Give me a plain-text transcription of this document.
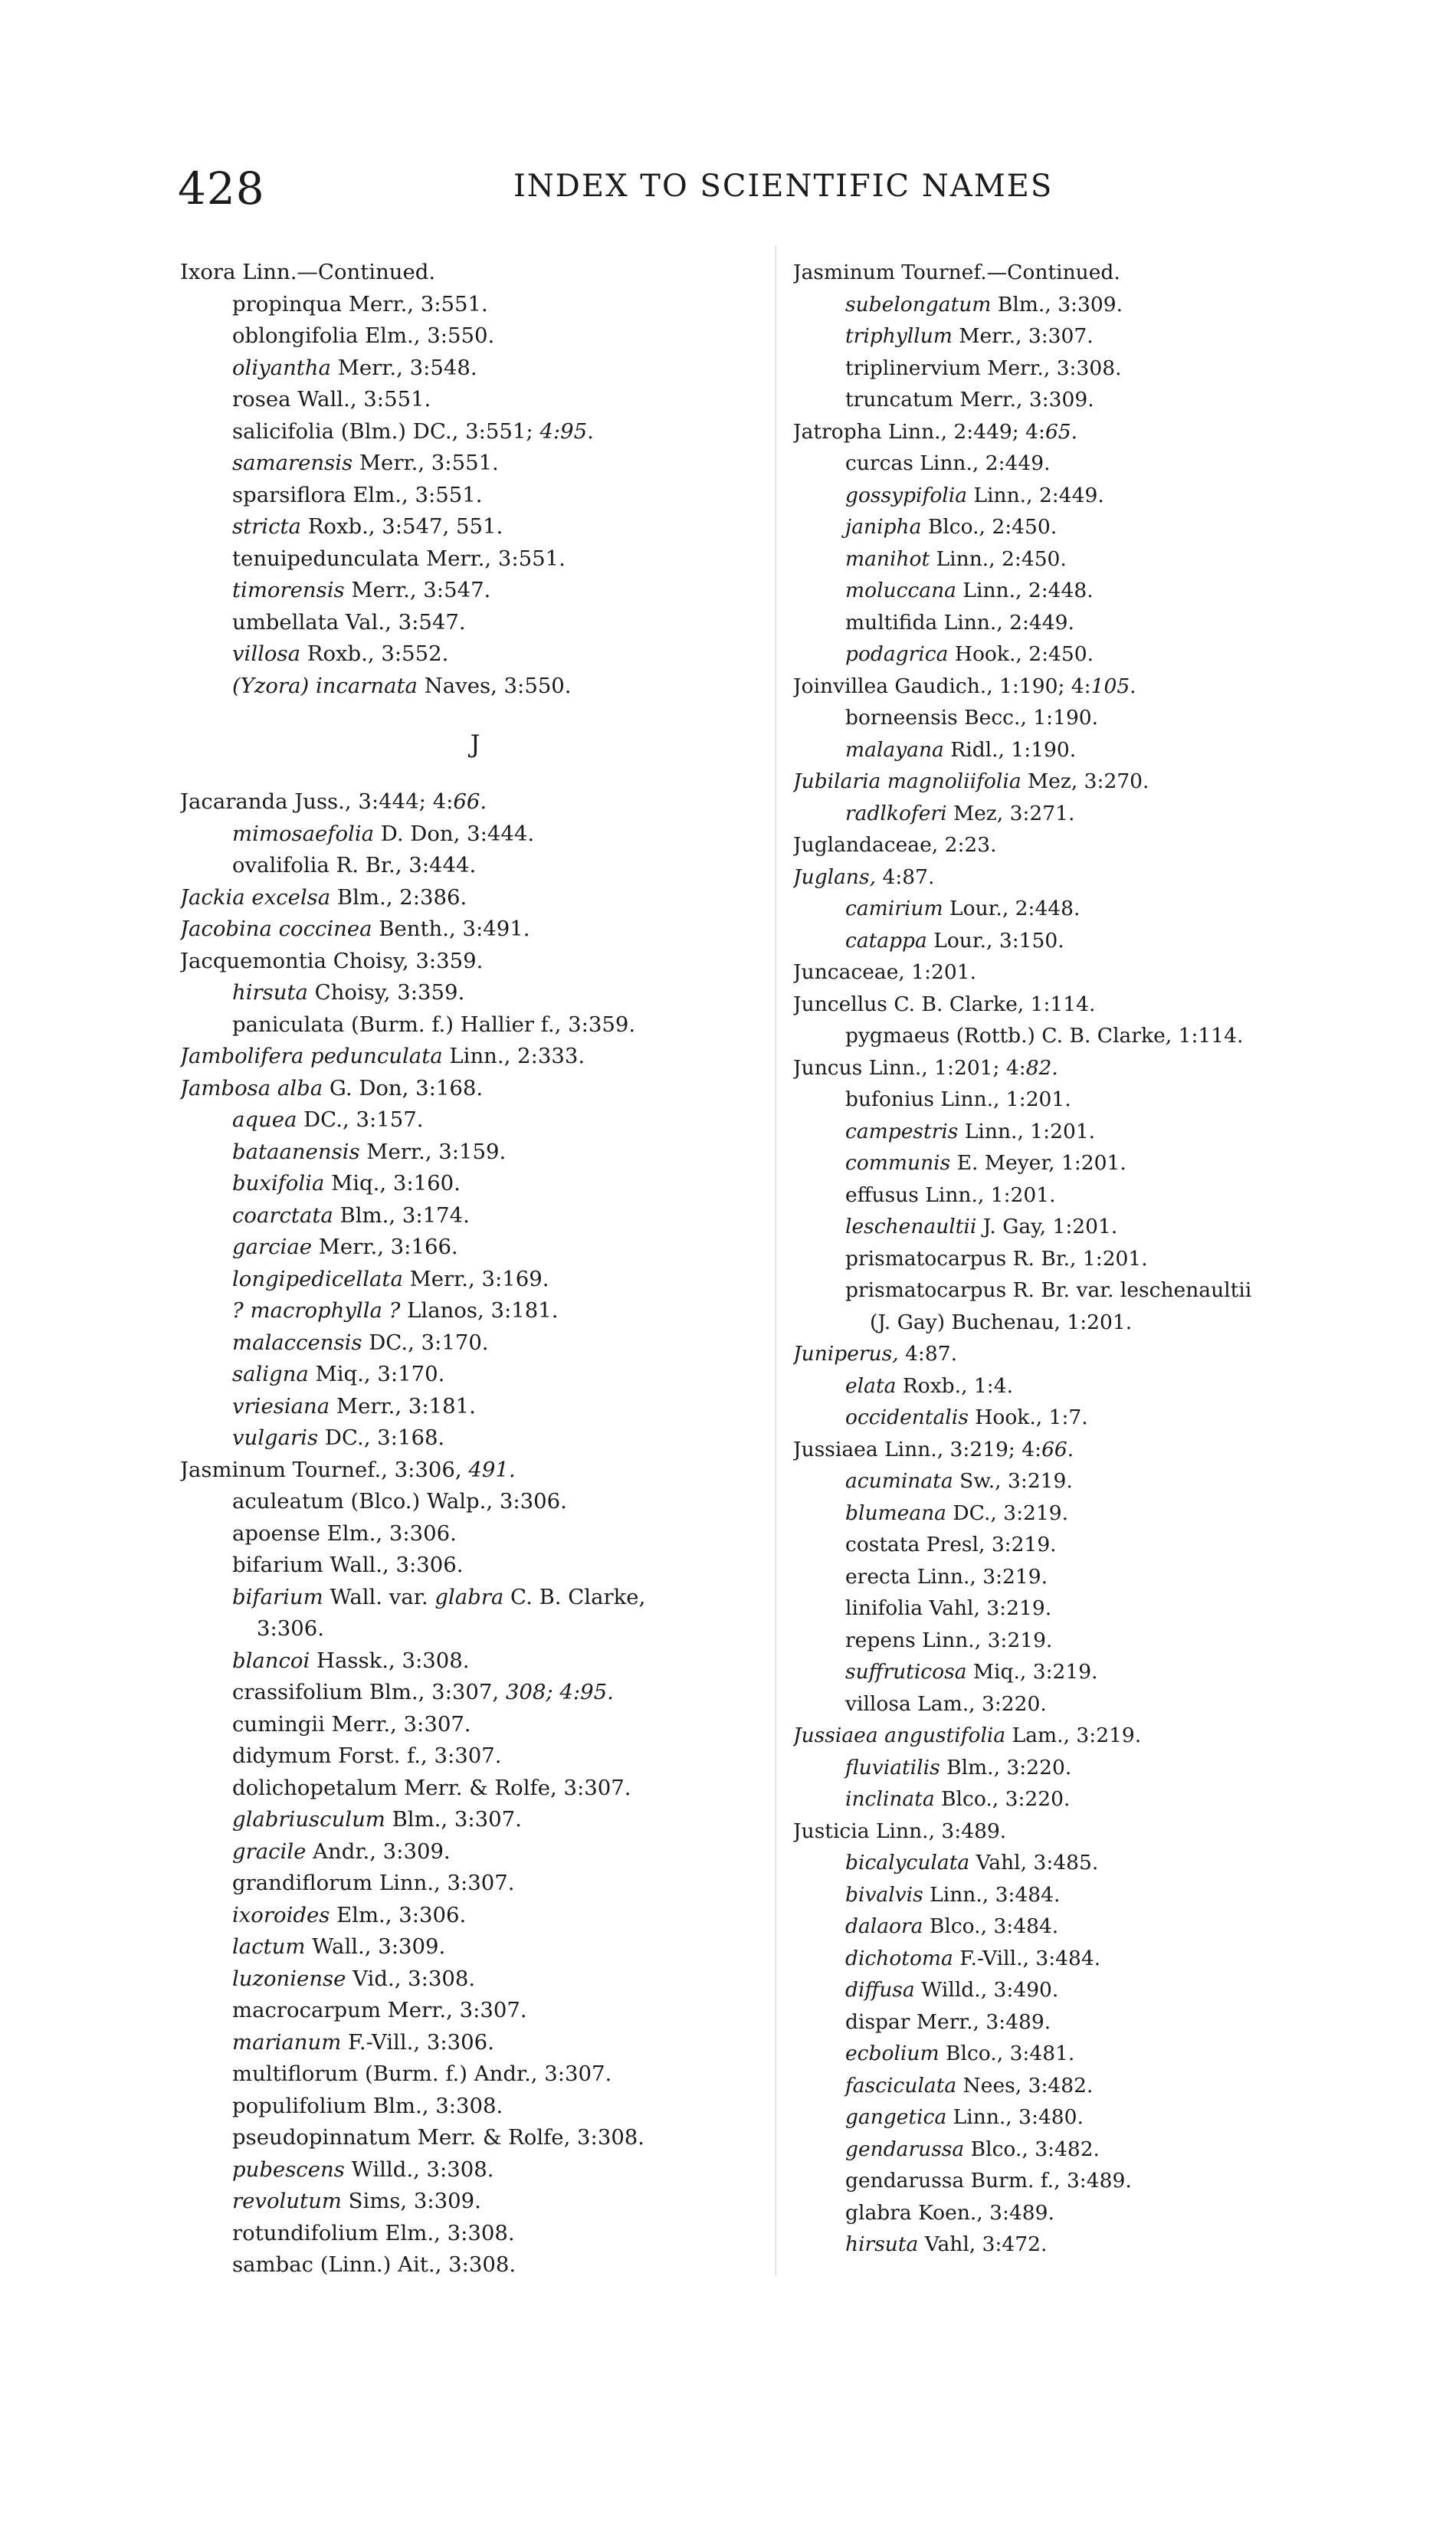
428	INDEX TO SCIENTIFIC NAMES
Ixora Linn.—Continued.
propinqua Merr., 3:551.
oblongifolia Elm., 3:550.
oliyantha Merr., 3:548.
rosea Wall., 3:551.
salicifolia (Blm.) DC., 3:551; 4:95.
samarensis Merr., 3:551.
sparsiflora Elm., 3:551.
stricta Roxb., 3:547, 551.
tenuipedunculata Merr., 3:551.
timorensis Merr., 3:547.
umbellata Val., 3:547.
villosa Roxb., 3:552.
(Yzora) incarnata Naves, 3:550.
J
Jacaranda Juss., 3:444; 4:66.
mimosaefolia D. Don, 3:444.
ovalifolia R. Br., 3:444.
Jackia excelsa Blm., 2:386.
Jacobina coccinea Benth., 3:491.
Jacquemontia Choisy, 3:359.
hirsuta Choisy, 3:359.
paniculata (Burm. f.) Hallier f., 3:359.
Jambolifera pedunculata Linn., 2:333.
Jambosa alba G. Don, 3:168.
aquea DC., 3:157.
bataanensis Merr., 3:159.
buxifolia Miq., 3:160.
coarctata Blm., 3:174.
garciae Merr., 3:166.
longipedicellata Merr., 3:169.
? macrophylla ? Llanos, 3:181.
malaccensis DC., 3:170.
saligna Miq., 3:170.
vriesiana Merr., 3:181.
vulgaris DC., 3:168.
Jasminum Tournef., 3:306, 491.
aculeatum (Blco.) Walp., 3:306.
apoense Elm., 3:306.
bifarium Wall., 3:306.
bifarium Wall. var. glabra C. B. Clarke,
3:306.
blancoi Hassk., 3:308.
crassifolium Blm., 3:307, 308; 4:95.
cumingii Merr., 3:307.
didymum Forst. f., 3:307.
dolichopetalum Merr. & Rolfe, 3:307.
glabriusculum Blm., 3:307.
gracile Andr., 3:309.
grandiflorum Linn., 3:307.
ixoroides Elm., 3:306.
lactum Wall., 3:309.
luzoniense Vid., 3:308.
macrocarpum Merr., 3:307.
marianum F.-Vill., 3:306.
multiflorum (Burm. f.) Andr., 3:307.
populifolium Blm., 3:308.
pseudopinnatum Merr. & Rolfe, 3:308.
pubescens Willd., 3:308.
revolutum Sims, 3:309.
rotundifolium Elm., 3:308.
sambac (Linn.) Ait., 3:308.
Jasminum Tournef.—Continued.
subelongatum Blm., 3:309.
triphyllum Merr., 3:307.
triplinervium Merr., 3:308.
truncatum Merr., 3:309.
Jatropha Linn., 2:449; 4:65.
curcas Linn., 2:449.
gossypifolia Linn., 2:449.
janipha Blco., 2:450.
manihot Linn., 2:450.
moluccana Linn., 2:448.
multifida Linn., 2:449.
podagrica Hook., 2:450.
Joinvillea Gaudich., 1:190; 4:105.
borneensis Becc., 1:190.
malayana Ridl., 1:190.
Jubilaria magnoliifolia Mez, 3:270.
radlkoferi Mez, 3:271.
Juglandaceae, 2:23.
Juglans, 4:87.
camirium Lour., 2:448.
catappa Lour., 3:150.
Juncaceae, 1:201.
Juncellus C. B. Clarke, 1:114.
pygmaeus (Rottb.) C. B. Clarke, 1:114.
Juncus Linn., 1:201; 4:82.
bufonius Linn., 1:201.
campestris Linn., 1:201.
communis E. Meyer, 1:201.
effusus Linn., 1:201.
leschenaultii J. Gay, 1:201.
prismatocarpus R. Br., 1:201.
prismatocarpus R. Br. var. leschenaultii
(J. Gay) Buchenau, 1:201.
Juniperus, 4:87.
elata Roxb., 1:4.
occidentalis Hook., 1:7.
Jussiaea Linn., 3:219; 4:66.
acuminata Sw., 3:219.
blumeana DC., 3:219.
costata Presl, 3:219.
erecta Linn., 3:219.
linifolia Vahl, 3:219.
repens Linn., 3:219.
suffruticosa Miq., 3:219.
villosa Lam., 3:220.
Jussiaea angustifolia Lam., 3:219.
fluviatilis Blm., 3:220.
inclinata Blco., 3:220.
Justicia Linn., 3:489.
bicalyculata Vahl, 3:485.
bivalvis Linn., 3:484.
dalaora Blco., 3:484.
dichotoma F.-Vill., 3:484.
diffusa Willd., 3:490.
dispar Merr., 3:489.
ecbolium Blco., 3:481.
fasciculata Nees, 3:482.
gangetica Linn., 3:480.
gendarussa Blco., 3:482.
gendarussa Burm. f., 3:489.
glabra Koen., 3:489.
hirsuta Vahl, 3:472.
